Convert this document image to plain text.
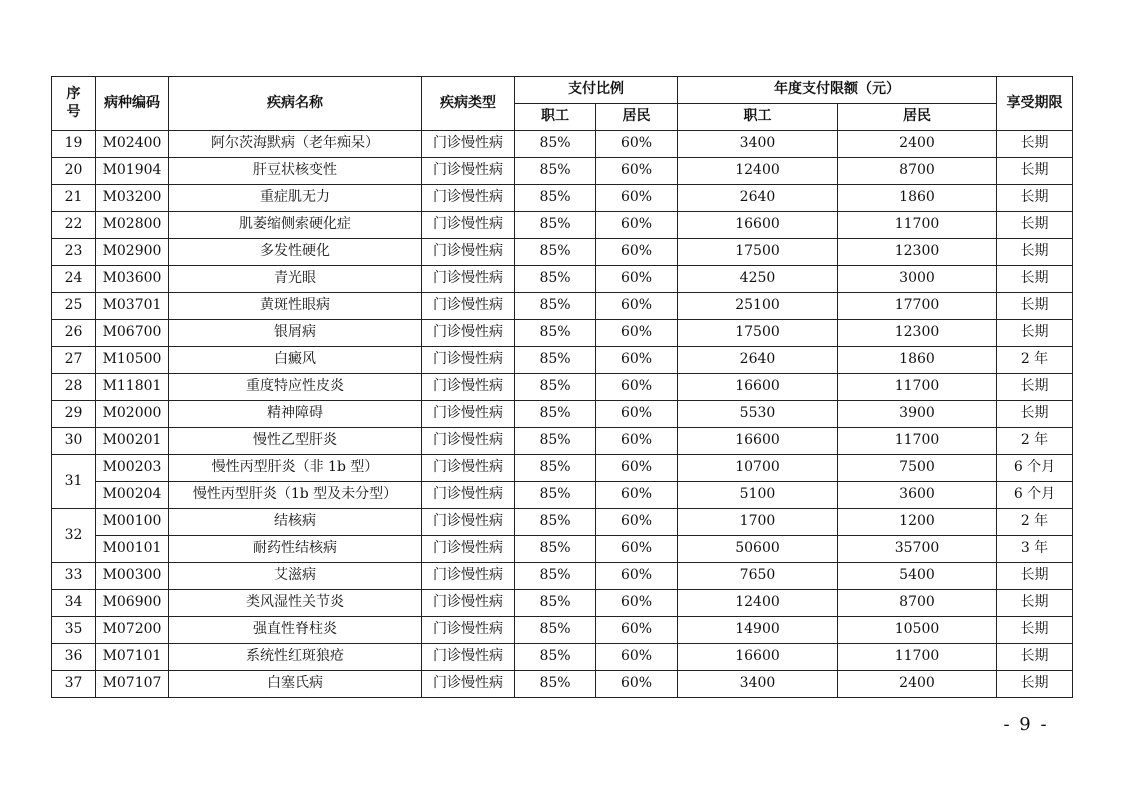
序
号	病种编码	疾病名称	疾病类型	支付比例		年度支付限额（元）		享受期限
				职工	居民	职工	居民	
19	M02400	阿尔茨海默病（老年痴呆）	门诊慢性病	85%	60%	3400	2400	长期
20	M01904	肝豆状核变性	门诊慢性病	85%	60%	12400	8700	长期
21	M03200	重症肌无力	门诊慢性病	85%	60%	2640	1860	长期
22	M02800	肌萎缩侧索硬化症	门诊慢性病	85%	60%	16600	11700	长期
23	M02900	多发性硬化	门诊慢性病	85%	60%	17500	12300	长期
24	M03600	青光眼	门诊慢性病	85%	60%	4250	3000	长期
25	M03701	黄斑性眼病	门诊慢性病	85%	60%	25100	17700	长期
26	M06700	银屑病	门诊慢性病	85%	60%	17500	12300	长期
27	M10500	白癜风	门诊慢性病	85%	60%	2640	1860	2 年
28	M11801	重度特应性皮炎	门诊慢性病	85%	60%	16600	11700	长期
29	M02000	精神障碍	门诊慢性病	85%	60%	5530	3900	长期
30	M00201	慢性乙型肝炎	门诊慢性病	85%	60%	16600	11700	2 年
31	M00203	慢性丙型肝炎（非 1b 型）	门诊慢性病	85%	60%	10700	7500	6 个月
	M00204	慢性丙型肝炎（1b 型及未分型）	门诊慢性病	85%	60%	5100	3600	6 个月
32	M00100	结核病	门诊慢性病	85%	60%	1700	1200	2 年
	M00101	耐药性结核病	门诊慢性病	85%	60%	50600	35700	3 年
33	M00300	艾滋病	门诊慢性病	85%	60%	7650	5400	长期
34	M06900	类风湿性关节炎	门诊慢性病	85%	60%	12400	8700	长期
35	M07200	强直性脊柱炎	门诊慢性病	85%	60%	14900	10500	长期
36	M07101	系统性红斑狼疮	门诊慢性病	85%	60%	16600	11700	长期
37	M07107	白塞氏病	门诊慢性病	85%	60%	3400	2400	长期
- 9 -
